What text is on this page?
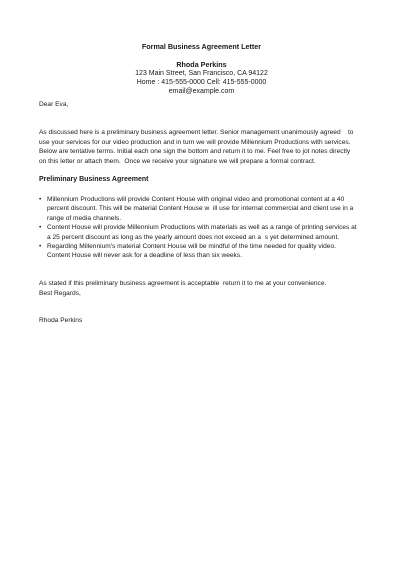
Formal Business Agreement Letter
Rhoda Perkins
123 Main Street, San Francisco, CA 94122
Home : 415-555-0000 Cell: 415-555-0000
email@example.com
Dear Eva,

As discussed here is a preliminary business agreement letter. Senior management unanimously agreed    to

use your services for our video production and in turn we will provide Millennium Productions with services.

Below are tentative terms. Initial each one sign the bottom and return it to me. Feel free to jot notes directly

on this letter or attach them.  Once we receive your signature we will prepare a formal contract.

Preliminary Business Agreement
• Millennium Productions will provide Content House with original video and promotional content at a 40
percent discount. This will be material Content House w  ill use for internal commercial and client use in a
range of media channels.
• Content House will provide Millennium Productions with materials as well as a range of printing services at
a 25 percent discount as long as the yearly amount does not exceed an a  s yet determined amount.
• Regarding Millennium's material Content House will be mindful of the time needed for quality video.
Content House will never ask for a deadline of less than six weeks.

As stated if this preliminary business agreement is acceptable  return it to me at your convenience.

Best Regards,

Rhoda Perkins
